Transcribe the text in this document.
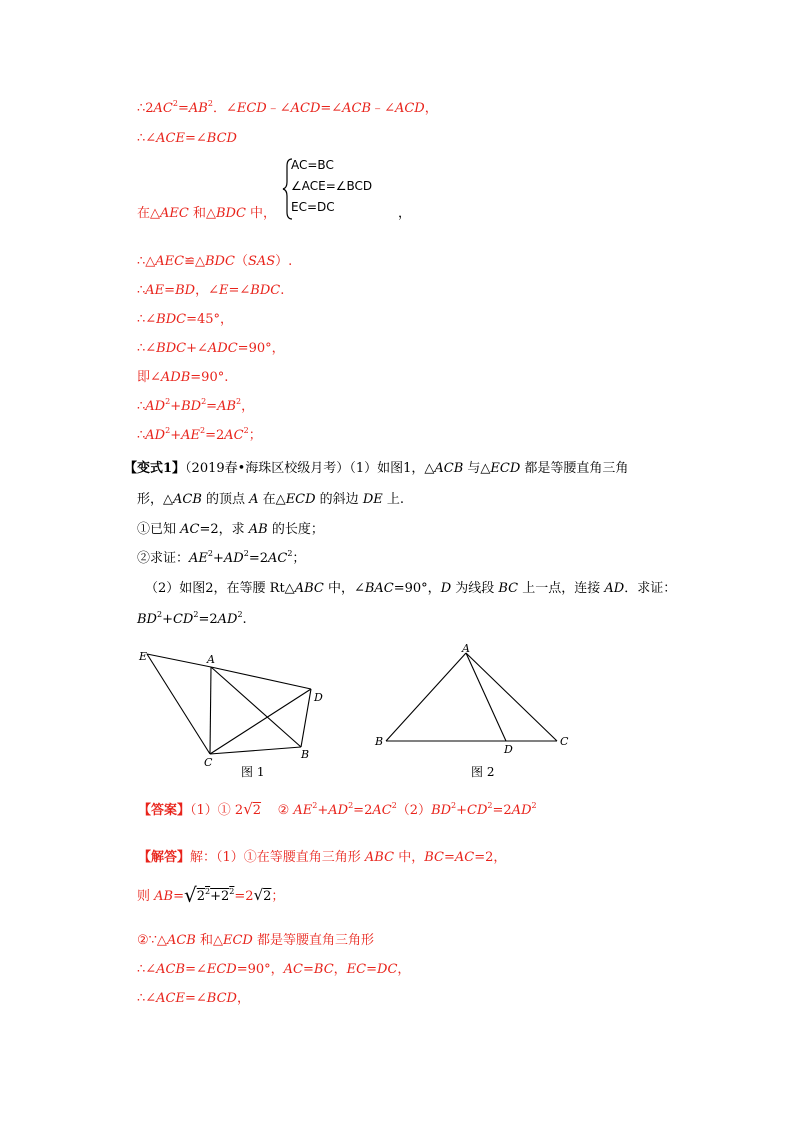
$\therefore 2AC^2=AB^2$．∠ECD﹣∠ACD=∠ACB﹣∠ACD，
∴∠ACE=∠BCD
在△AEC 和△BDC 中，
AC=BC
∠ACE=∠BCD
EC=DC	，
∴△AEC≌△BDC（SAS）.
∴AE=BD，∠E=∠BDC.
∴∠BDC=45°，
∴∠BDC+∠ADC=90°，
即∠ADB=90°.
$\therefore AD^2+BD^2=AB^2$，
$\therefore AD^2+AE^2=2AC^2$；
【变式1】（2019春•海珠区校级月考）（1）如图1，△ACB 与△ECD 都是等腰直角三角
形，△ACB 的顶点 A 在△ECD 的斜边 DE 上.
①已知 AC=2，求 AB 的长度；
②求证：$AE^2+AD^2=2AC^2$；
（2）如图2，在等腰 Rt△ABC 中，∠BAC=90°，D 为线段 BC 上一点，连接 AD．求证：
$BD^2+CD^2=2AD^2$.
E	A
D
C
B
图 1
A
B
D
C
图 2
【答案】（1）① 2√2    ② $AE^2+AD^2=2AC^2(2)BD^2+CD^2=2AD^2$
【解答】解：（1）①在等腰直角三角形 ABC 中，BC=AC=2，
则 $AB=√2^2+2^2=2√2$；
②∵△ACB 和△ECD 都是等腰直角三角形
∴∠ACB=∠ECD=90°，AC=BC，EC=DC，
∴∠ACE=∠BCD，
